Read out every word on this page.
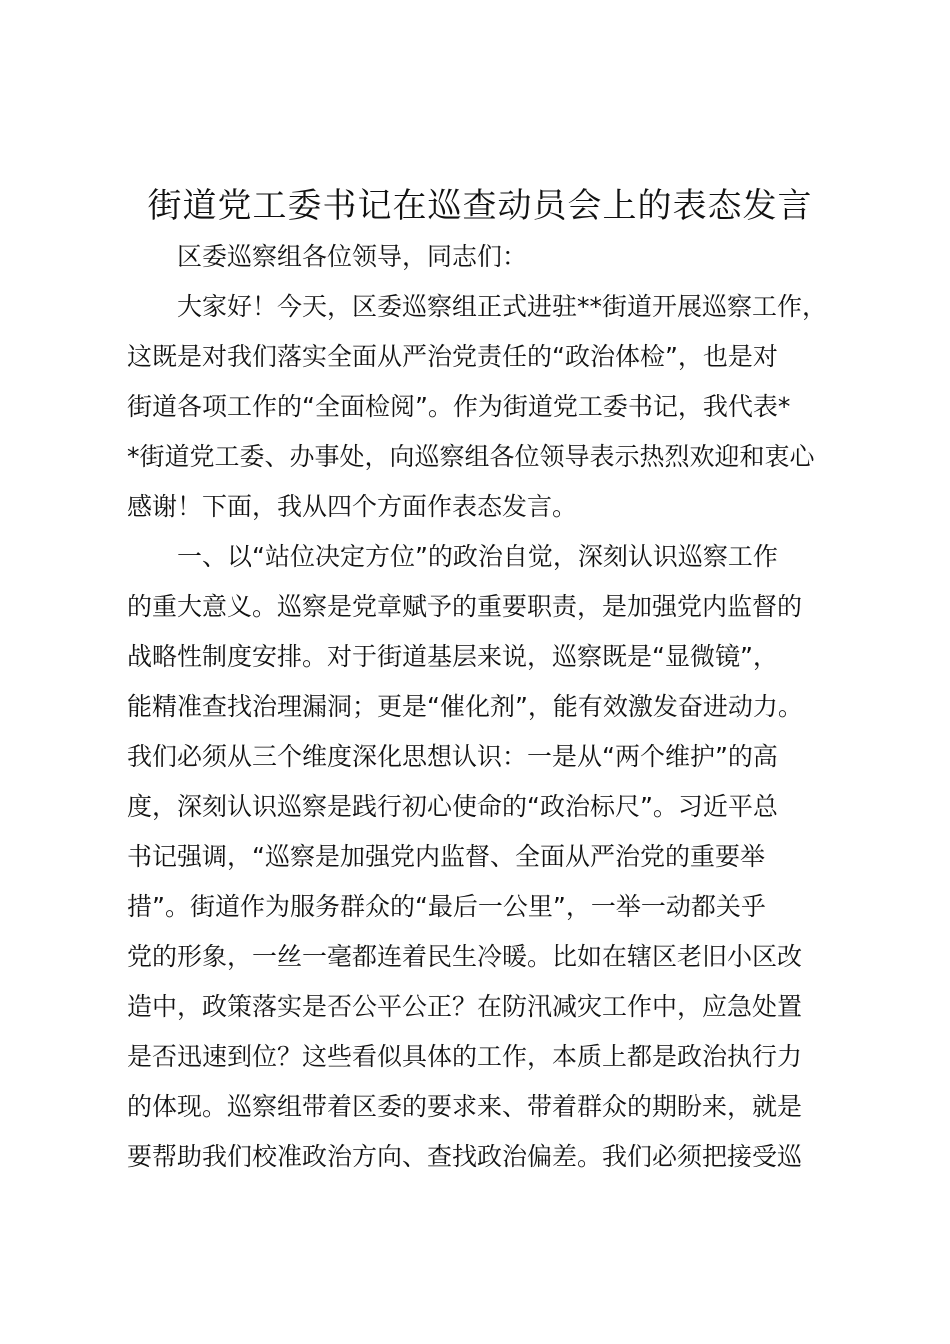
街道党工委书记在巡查动员会上的表态发言
区委巡察组各位领导，同志们：
大家好！今天，区委巡察组正式进驻**街道开展巡察工作，
这既是对我们落实全面从严治党责任的“政治体检”，也是对
街道各项工作的“全面检阅”。作为街道党工委书记，我代表*
*街道党工委、办事处，向巡察组各位领导表示热烈欢迎和衷心
感谢！下面，我从四个方面作表态发言。
一、以“站位决定方位”的政治自觉，深刻认识巡察工作
的重大意义。巡察是党章赋予的重要职责，是加强党内监督的
战略性制度安排。对于街道基层来说，巡察既是“显微镜”，
能精准查找治理漏洞；更是“催化剂”，能有效激发奋进动力。
我们必须从三个维度深化思想认识：一是从“两个维护”的高
度，深刻认识巡察是践行初心使命的“政治标尺”。习近平总
书记强调，“巡察是加强党内监督、全面从严治党的重要举
措”。街道作为服务群众的“最后一公里”，一举一动都关乎
党的形象，一丝一毫都连着民生冷暖。比如在辖区老旧小区改
造中，政策落实是否公平公正？在防汛减灾工作中，应急处置
是否迅速到位？这些看似具体的工作，本质上都是政治执行力
的体现。巡察组带着区委的要求来、带着群众的期盼来，就是
要帮助我们校准政治方向、查找政治偏差。我们必须把接受巡
